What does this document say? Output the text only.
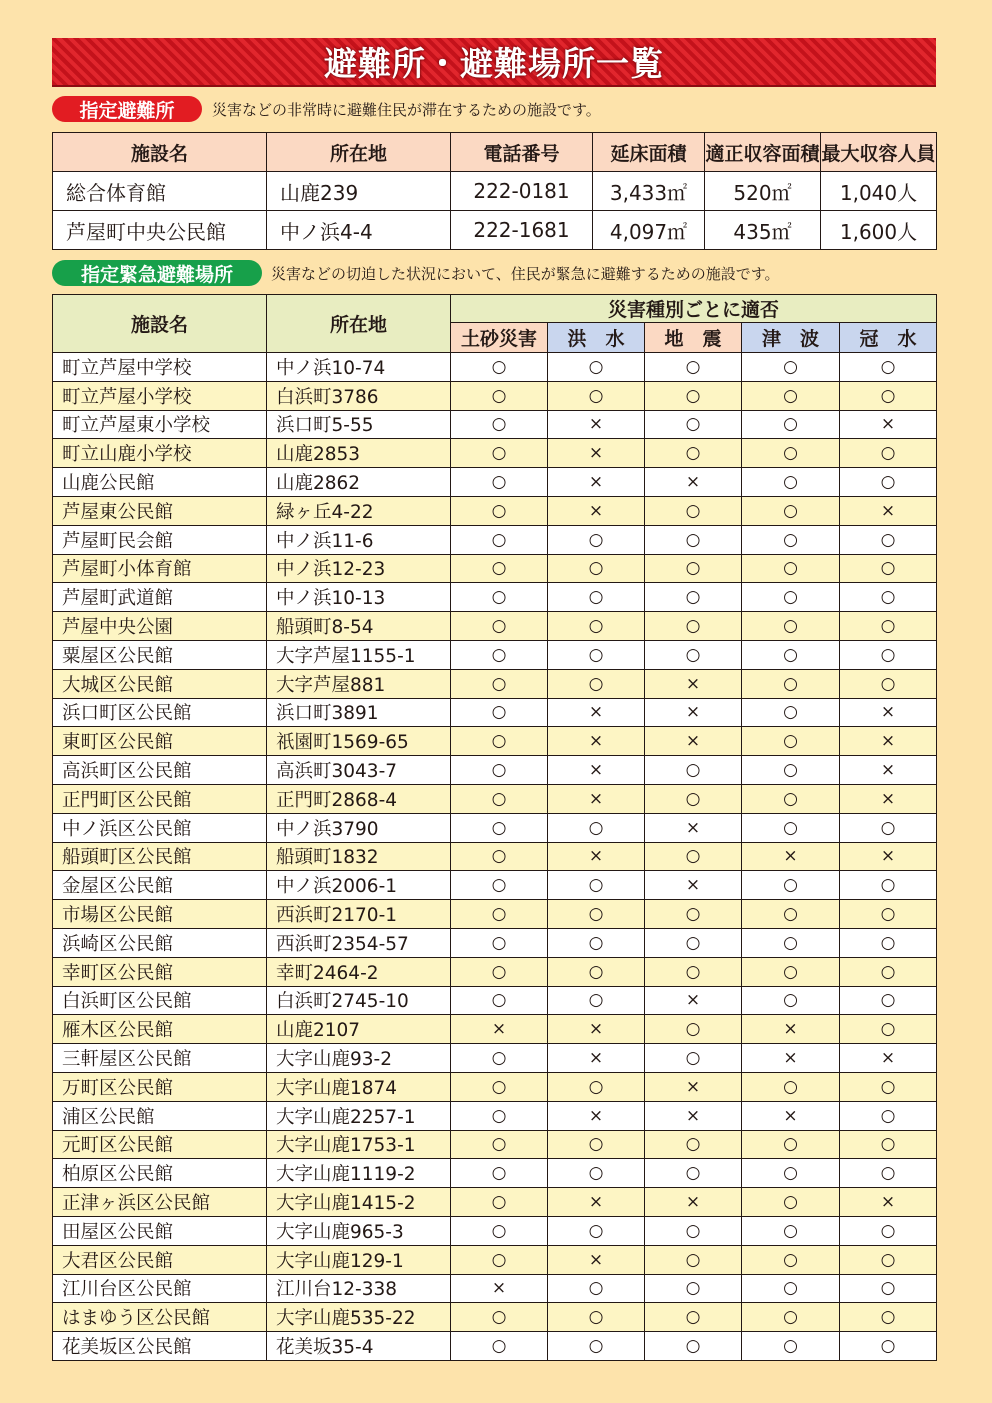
避難所・避難場所一覧
指定避難所	災害などの非常時に避難住民が滞在するための施設です。
施設名	所在地	電話番号	延床面積	適正収容面積	最大収容人員
総合体育館	山鹿239	222-0181	3,433㎡	520㎡	1,040人
芦屋町中央公民館	中ノ浜4-4	222-1681	4,097㎡	435㎡	1,600人
指定緊急避難場所	災害などの切迫した状況において、住民が緊急に避難するための施設です。
施設名	所在地	災害種別ごとに適否				
		土砂災害	洪　水	地　震	津　波	冠　水
町立芦屋中学校	中ノ浜10-74	○	○	○	○	○
町立芦屋小学校	白浜町3786	○	○	○	○	○
町立芦屋東小学校	浜口町5-55	○	×	○	○	×
町立山鹿小学校	山鹿2853	○	×	○	○	○
山鹿公民館	山鹿2862	○	×	×	○	○
芦屋東公民館	緑ヶ丘4-22	○	×	○	○	×
芦屋町民会館	中ノ浜11-6	○	○	○	○	○
芦屋町小体育館	中ノ浜12-23	○	○	○	○	○
芦屋町武道館	中ノ浜10-13	○	○	○	○	○
芦屋中央公園	船頭町8-54	○	○	○	○	○
粟屋区公民館	大字芦屋1155-1	○	○	○	○	○
大城区公民館	大字芦屋881	○	○	×	○	○
浜口町区公民館	浜口町3891	○	×	×	○	×
東町区公民館	祇園町1569-65	○	×	×	○	×
高浜町区公民館	高浜町3043-7	○	×	○	○	×
正門町区公民館	正門町2868-4	○	×	○	○	×
中ノ浜区公民館	中ノ浜3790	○	○	×	○	○
船頭町区公民館	船頭町1832	○	×	○	×	×
金屋区公民館	中ノ浜2006-1	○	○	×	○	○
市場区公民館	西浜町2170-1	○	○	○	○	○
浜崎区公民館	西浜町2354-57	○	○	○	○	○
幸町区公民館	幸町2464-2	○	○	○	○	○
白浜町区公民館	白浜町2745-10	○	○	×	○	○
雁木区公民館	山鹿2107	×	×	○	×	○
三軒屋区公民館	大字山鹿93-2	○	×	○	×	×
万町区公民館	大字山鹿1874	○	○	×	○	○
浦区公民館	大字山鹿2257-1	○	×	×	×	○
元町区公民館	大字山鹿1753-1	○	○	○	○	○
柏原区公民館	大字山鹿1119-2	○	○	○	○	○
正津ヶ浜区公民館	大字山鹿1415-2	○	×	×	○	×
田屋区公民館	大字山鹿965-3	○	○	○	○	○
大君区公民館	大字山鹿129-1	○	×	○	○	○
江川台区公民館	江川台12-338	×	○	○	○	○
はまゆう区公民館	大字山鹿535-22	○	○	○	○	○
花美坂区公民館	花美坂35-4	○	○	○	○	○
